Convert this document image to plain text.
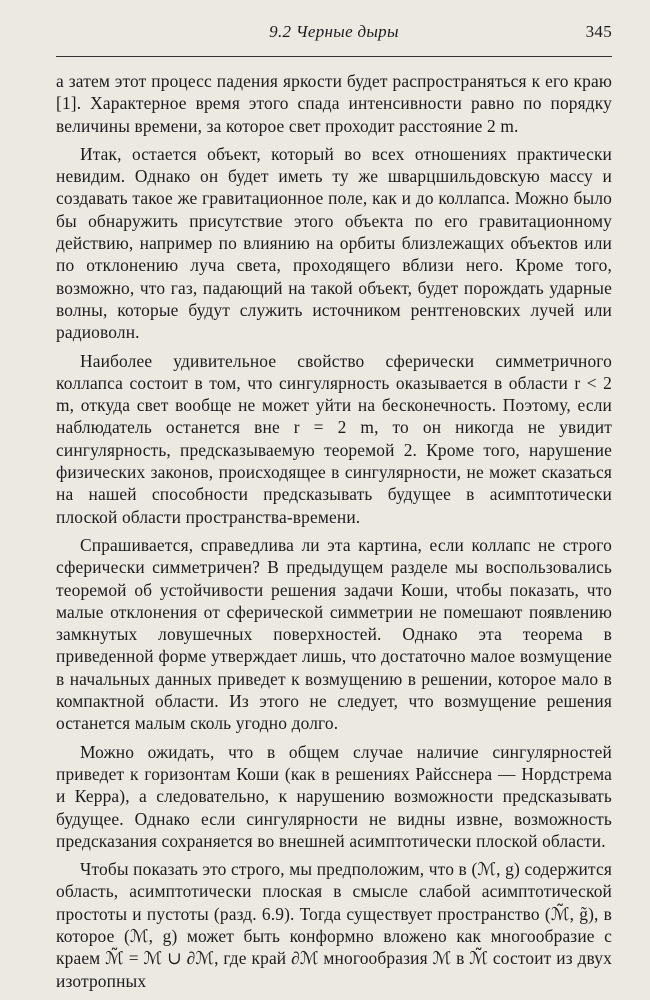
9.2 Черные дыры	345

а затем этот процесс падения яркости будет распространяться к его краю [1]. Характерное время этого спада интенсивности равно по порядку величины времени, за которое свет проходит расстояние 2 m.

Итак, остается объект, который во всех отношениях практически невидим. Однако он будет иметь ту же шварцшильдовскую массу и создавать такое же гравитационное поле, как и до коллапса. Можно было бы обнаружить присутствие этого объекта по его гравитационному действию, например по влиянию на орбиты близлежащих объектов или по отклонению луча света, проходящего вблизи него. Кроме того, возможно, что газ, падающий на такой объект, будет порождать ударные волны, которые будут служить источником рентгеновских лучей или радиоволн.

Наиболее удивительное свойство сферически симметричного коллапса состоит в том, что сингулярность оказывается в области r < 2 m, откуда свет вообще не может уйти на бесконечность. Поэтому, если наблюдатель останется вне r = 2 m, то он никогда не увидит сингулярность, предсказываемую теоремой 2. Кроме того, нарушение физических законов, происходящее в сингулярности, не может сказаться на нашей способности предсказывать будущее в асимптотически плоской области пространства-времени.

Спрашивается, справедлива ли эта картина, если коллапс не строго сферически симметричен? В предыдущем разделе мы воспользовались теоремой об устойчивости решения задачи Коши, чтобы показать, что малые отклонения от сферической симметрии не помешают появлению замкнутых ловушечных поверхностей. Однако эта теорема в приведенной форме утверждает лишь, что достаточно малое возмущение в начальных данных приведет к возмущению в решении, которое мало в компактной области. Из этого не следует, что возмущение решения останется малым сколь угодно долго.

Можно ожидать, что в общем случае наличие сингулярностей приведет к горизонтам Коши (как в решениях Райсснера — Нордстрема и Керра), а следовательно, к нарушению возможности предсказывать будущее. Однако если сингулярности не видны извне, возможность предсказания сохраняется во внешней асимптотически плоской области.

Чтобы показать это строго, мы предположим, что в (ℳ, g) содержится область, асимптотически плоская в смысле слабой асимптотической простоты и пустоты (разд. 6.9). Тогда существует пространство (ℳ̃, g̃), в которое (ℳ, g) может быть конформно вложено как многообразие с краем ℳ̃ = ℳ ∪ ∂ℳ, где край ∂ℳ многообразия ℳ в ℳ̃ состоит из двух изотропных
